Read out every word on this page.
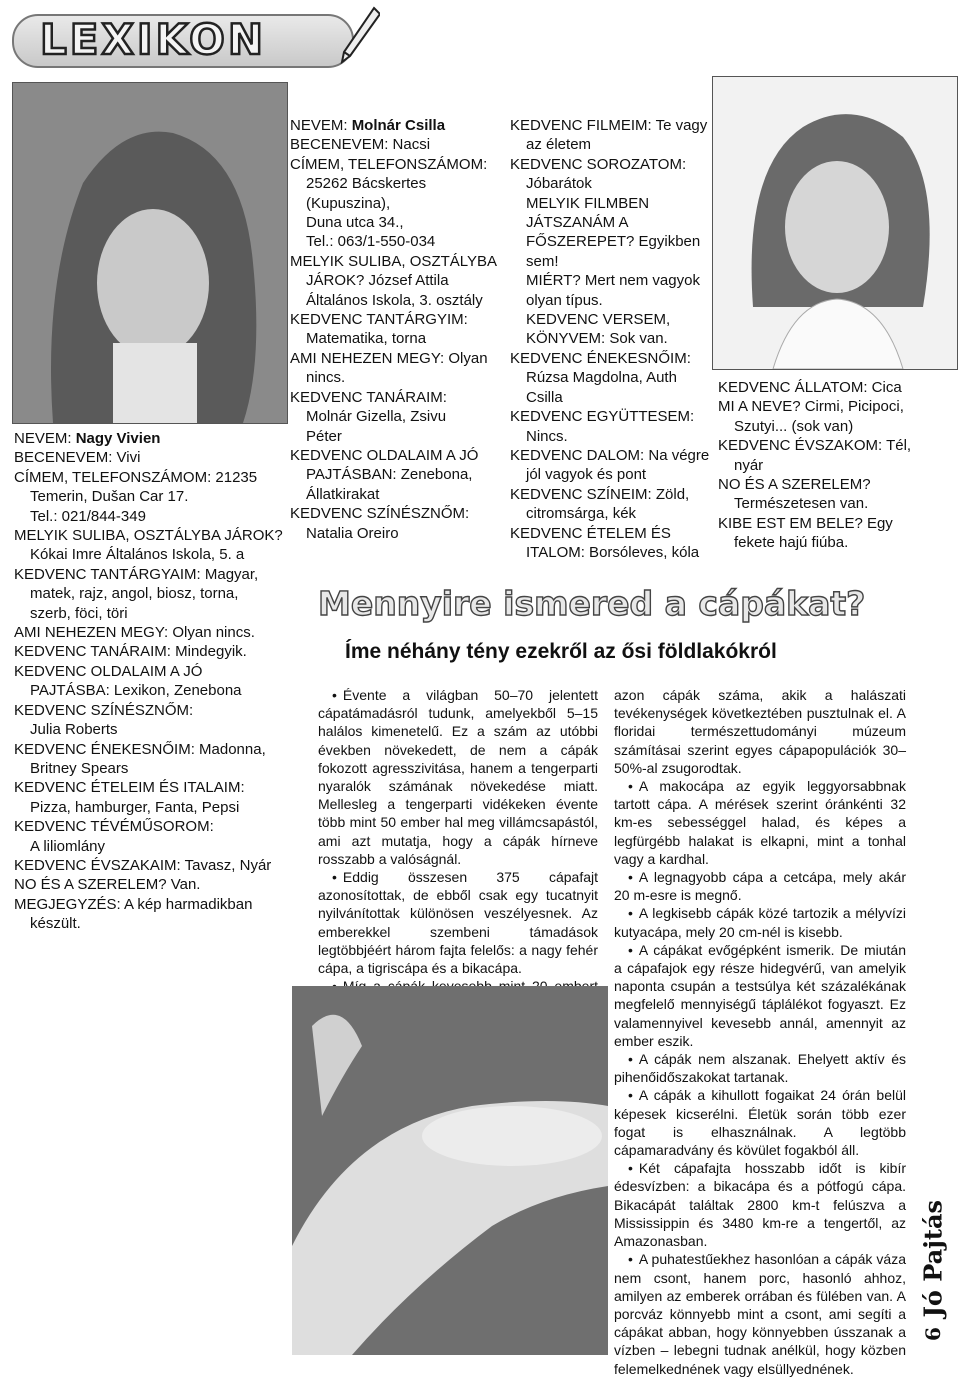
LEXIKON
NEVEM: Nagy Vivien
BECENEVEM: Vivi
CÍMEM, TELEFONSZÁMOM: 21235
Temerin, Dušan Car 17.
Tel.: 021/844-349
MELYIK SULIBA, OSZTÁLYBA JÁROK?
Kókai Imre Általános Iskola, 5. a
KEDVENC TANTÁRGYAIM: Magyar,
matek, rajz, angol, biosz, torna,
szerb, föci, töri
AMI NEHEZEN MEGY: Olyan nincs.
KEDVENC TANÁRAIM: Mindegyik.
KEDVENC OLDALAIM A JÓ
PAJTÁSBA: Lexikon, Zenebona
KEDVENC SZÍNÉSZNŐM:
Julia Roberts
KEDVENC ÉNEKESNŐIM: Madonna,
Britney Spears
KEDVENC ÉTELEIM ÉS ITALAIM:
Pizza, hamburger, Fanta, Pepsi
KEDVENC TÉVÉMŰSOROM:
A liliomlány
KEDVENC ÉVSZAKAIM: Tavasz, Nyár
NO ÉS A SZERELEM? Van.
MEGJEGYZÉS: A kép harmadikban
készült.
NEVEM: Molnár Csilla
BECENEVEM: Nacsi
CÍMEM, TELEFONSZÁMOM:
25262 Bácskertes
(Kupuszina),
Duna utca 34.,
Tel.: 063/1-550-034
MELYIK SULIBA, OSZTÁLYBA
JÁROK? József Attila
Általános Iskola, 3. osztály
KEDVENC TANTÁRGYIM:
Matematika, torna
AMI NEHEZEN MEGY: Olyan
nincs.
KEDVENC TANÁRAIM:
Molnár Gizella, Zsivu
Péter
KEDVENC OLDALAIM A JÓ
PAJTÁSBAN: Zenebona,
Állatkirakat
KEDVENC SZÍNÉSZNŐM:
Natalia Oreiro
KEDVENC FILMEIM: Te vagy
az életem
KEDVENC SOROZATOM:
Jóbarátok
MELYIK FILMBEN
JÁTSZANÁM A
FŐSZEREPET? Egyikben
sem!
MIÉRT? Mert nem vagyok
olyan típus.
KEDVENC VERSEM,
KÖNYVEM: Sok van.
KEDVENC ÉNEKESNŐIM:
Rúzsa Magdolna, Auth
Csilla
KEDVENC EGYÜTTESEM:
Nincs.
KEDVENC DALOM: Na végre
jól vagyok és pont
KEDVENC SZÍNEIM: Zöld,
citromsárga, kék
KEDVENC ÉTELEM ÉS
ITALOM: Borsóleves, kóla
KEDVENC ÁLLATOM: Cica
MI A NEVE? Cirmi, Picipoci,
Szutyi... (sok van)
KEDVENC ÉVSZAKOM: Tél,
nyár
NO ÉS A SZERELEM?
Természetesen van.
KIBE EST EM BELE? Egy
fekete hajú fiúba.
Mennyire ismered a cápákat?
Íme néhány tény ezekről az ősi földlakókról

• Évente a világban 50–70 jelentett cápatámadásról tudunk, amelyekből 5–15 halálos kimenetelű. Ez a szám az utóbbi években növekedett, de nem a cápák fokozott agresszivitása, hanem a tengerparti nyaralók számának növekedése miatt. Mellesleg a tengerparti vidékeken évente több mint 50 ember hal meg villámcsapástól, ami azt mutatja, hogy a cápák hírneve rosszabb a valóságnál.

• Eddig összesen 375 cápafajt azonosítottak, de ebből csak egy tucatnyit nyilvánítottak különösen veszélyesnek. Az emberekkel szembeni támadások legtöbbjéért három fajta felelős: a nagy fehér cápa, a tigriscápa és a bikacápa.

azon cápák száma, akik a halászati tevékenységek következtében pusztulnak el. A floridai természettudományi múzeum számításai szerint egyes cápapopulációk 30–50%-al zsugorodtak.

• A makocápa az egyik leggyorsabbnak tartott cápa. A mérések szerint óránkénti 32 km-es sebességgel halad, és képes a legfürgébb halakat is elkapni, mint a tonhal vagy a kardhal.

• A legnagyobb cápa a cetcápa, mely akár 20 m-esre is megnő.

• A legkisebb cápák közé tartozik a mélyvízi kutyacápa, mely 20 cm-nél is kisebb.

• A cápákat evőgépként ismerik. De miután a cápafajok egy része hidegvérű, van amelyik naponta csupán a testsúlya két százalékának megfelelő mennyiségű táplálékot fogyaszt. Ez valamennyivel kevesebb annál, amennyit az ember eszik.

• A cápák nem alszanak. Ehelyett aktív és pihenőidőszakokat tartanak.

• A cápák a kihullott fogaikat 24 órán belül képesek kicserélni. Életük során több ezer fogat is elhasználnak. A legtöbb cápamaradvány és kövület fogakból áll.

• Két cápafajta hosszabb időt is kibír édesvízben: a bikacápa és a pótfogú cápa. Bikacápát találtak 2800 km-t felúszva a Mississippin és 3480 km-re a tengertől, az Amazonasban.

• A puhatestűekhez hasonlóan a cápák váza nem csont, hanem porc, hasonló ahhoz, amilyen az emberek orrában és fülében van. A porcváz könnyebb mint a csont, ami segíti a cápákat abban, hogy könnyebben ússzanak a vízben – lebegni tudnak anélkül, hogy közben felemelkednének vagy elsüllyednének.

Jó Pajtás
6
